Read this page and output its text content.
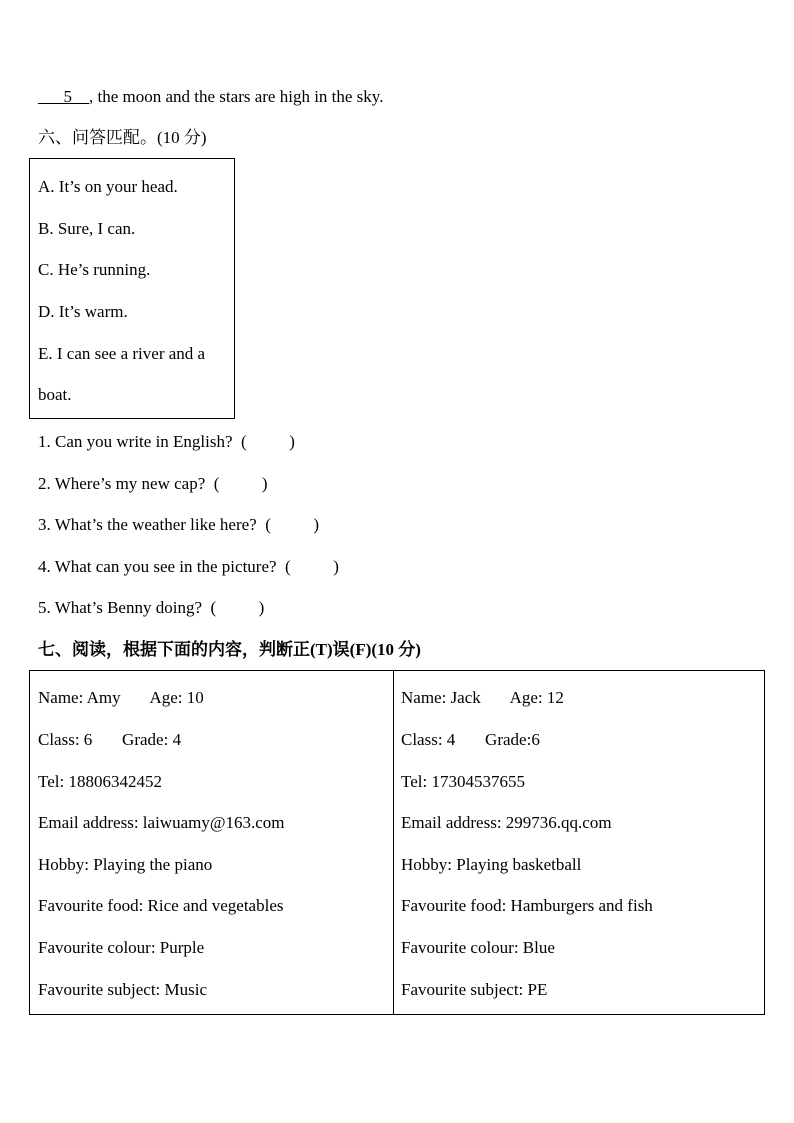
___5__, the moon and the stars are high in the sky.
六、问答匹配。(10 分)
A. It’s on your head.
B. Sure, I can.
C. He’s running.
D. It’s warm.
E. I can see a river and a
boat.
1. Can you write in English?  (          )
2. Where’s my new cap?  (          )
3. What’s the weather like here?  (          )
4. What can you see in the picture?  (          )
5. What’s Benny doing?  (          )
七、阅读，根据下面的内容，判断正(T)误(F)(10 分)
Name: Amy       Age: 10
Class: 6       Grade: 4
Tel: 18806342452
Email address: laiwuamy@163.com
Hobby: Playing the piano
Favourite food: Rice and vegetables
Favourite colour: Purple
Favourite subject: Music
Name: Jack       Age: 12
Class: 4       Grade:6
Tel: 17304537655
Email address: 299736.qq.com
Hobby: Playing basketball
Favourite food: Hamburgers and fish
Favourite colour: Blue
Favourite subject: PE
